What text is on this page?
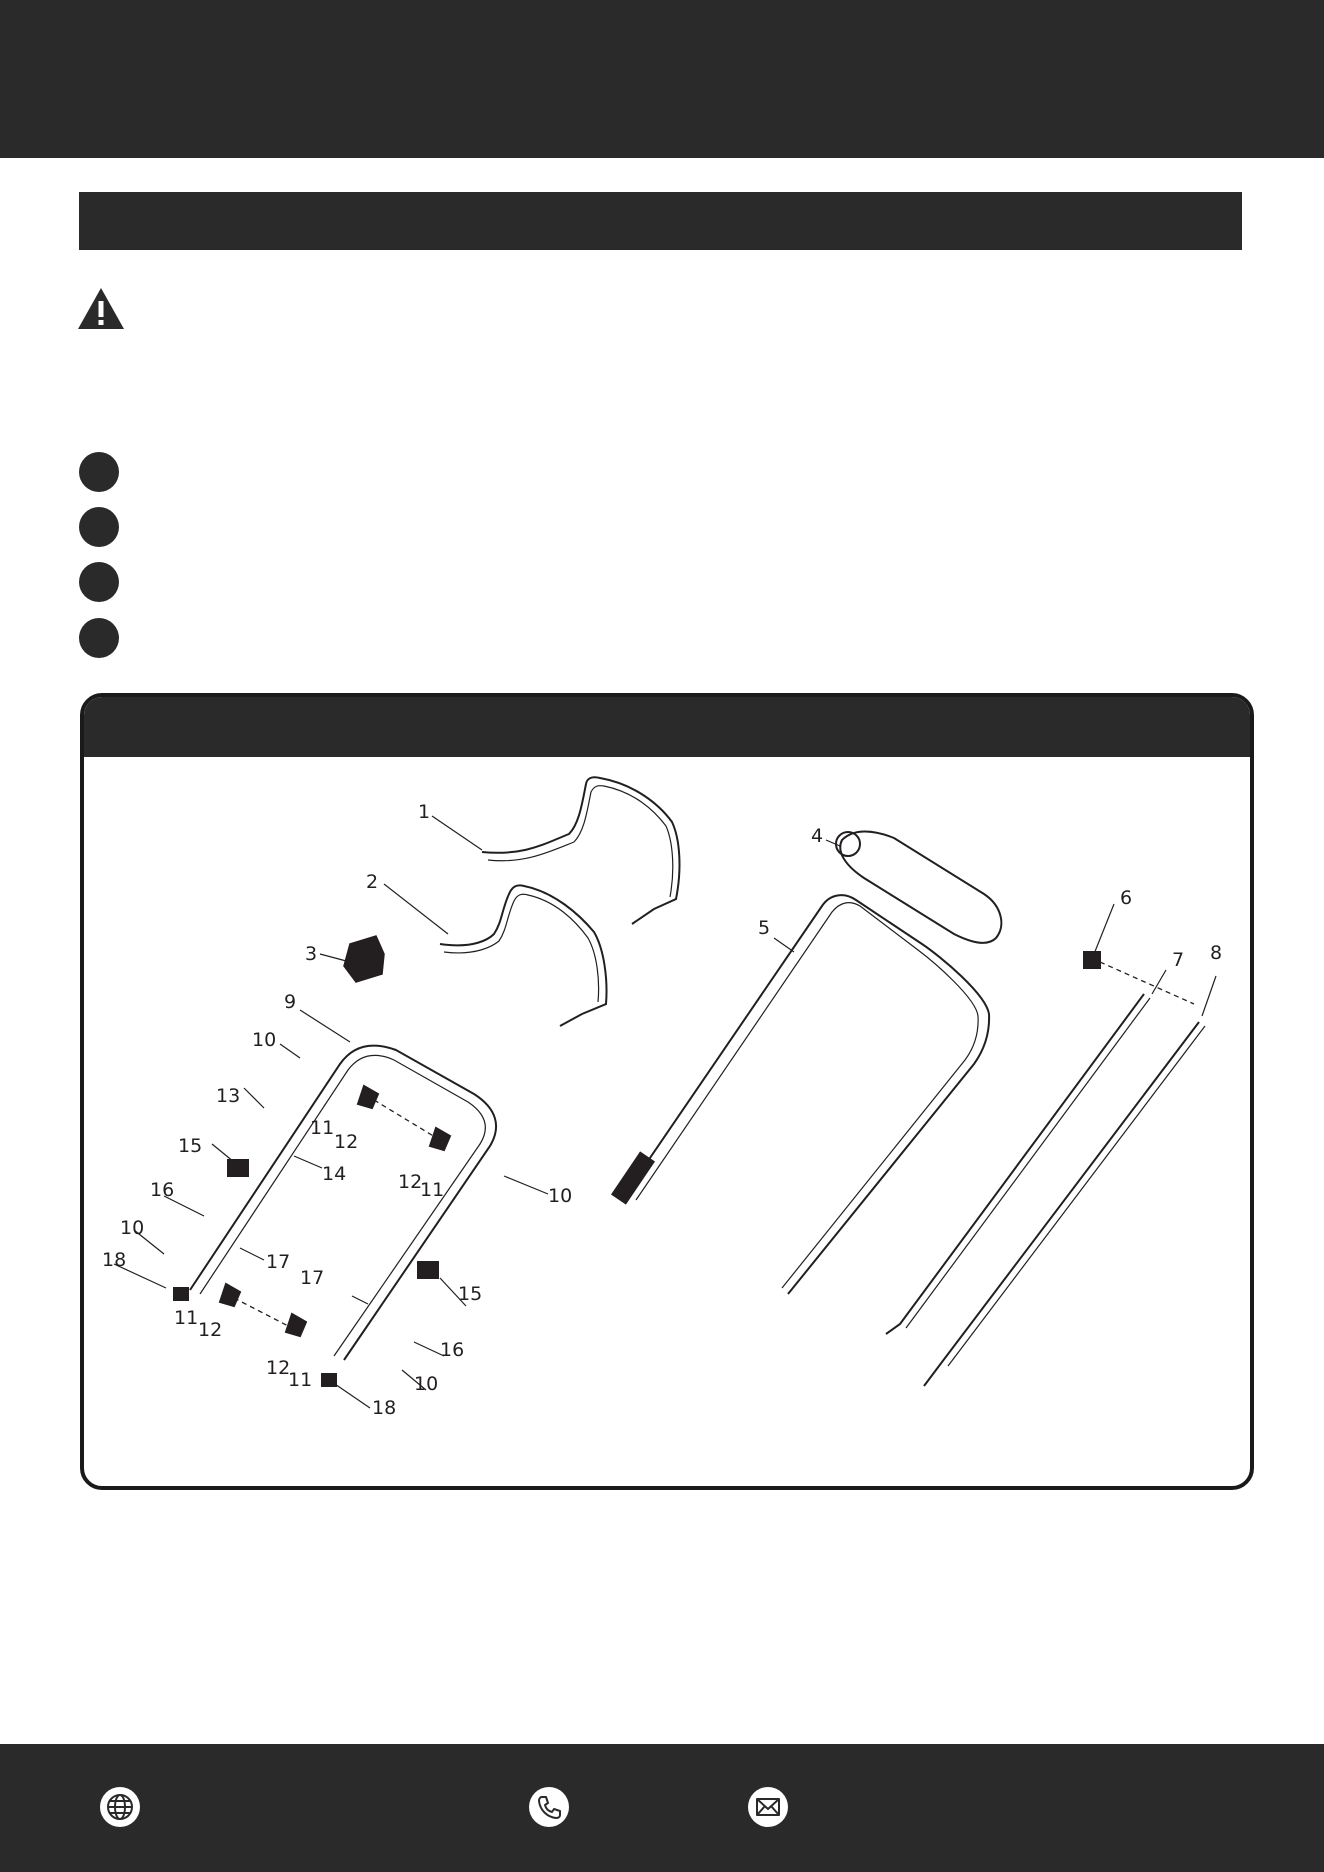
1
2
3
4
5
6
7 8
9
10
13
11
12
15
14	12
11	10
16
10
17
18
17
15
11
12
16
12
11	10
18
